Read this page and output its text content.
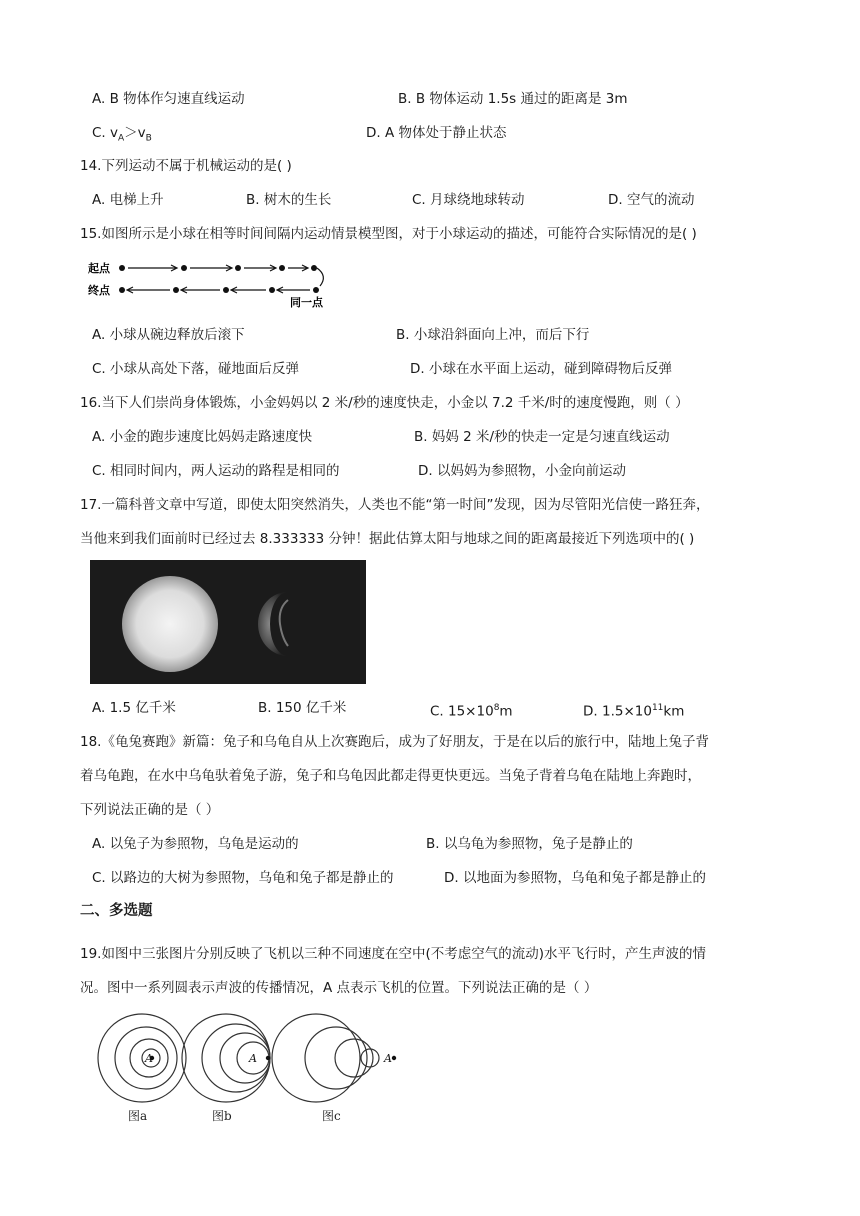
A. B 物体作匀速直线运动	B. B 物体运动 1.5s 通过的距离是 3m
C. $v_A>v_B$	D. A 物体处于静止状态
14.下列运动不属于机械运动的是( )
A. 电梯上升	B. 树木的生长	C. 月球绕地球转动	D. 空气的流动
15.如图所示是小球在相等时间间隔内运动情景模型图，对于小球运动的描述，可能符合实际情况的是( )
起点
终点
同一点
A. 小球从碗边释放后滚下	B. 小球沿斜面向上冲，而后下行
C. 小球从高处下落，碰地面后反弹	D. 小球在水平面上运动，碰到障碍物后反弹
16.当下人们崇尚身体锻炼，小金妈妈以 2 米/秒的速度快走，小金以 7.2 千米/时的速度慢跑，则（ ）
A. 小金的跑步速度比妈妈走路速度快	B. 妈妈 2 米/秒的快走一定是匀速直线运动
C. 相同时间内，两人运动的路程是相同的	D. 以妈妈为参照物，小金向前运动
17.一篇科普文章中写道，即使太阳突然消失，人类也不能“第一时间”发现，因为尽管阳光信使一路狂奔，
当他来到我们面前时已经过去 8.333333 分钟！据此估算太阳与地球之间的距离最接近下列选项中的( )
A. 1.5 亿千米	B. 150 亿千米	C. $15\times 10^8m$	D. $1.5\times 10^{11}km$
18.《龟兔赛跑》新篇：兔子和乌龟自从上次赛跑后，成为了好朋友，于是在以后的旅行中，陆地上兔子背
着乌龟跑，在水中乌龟驮着兔子游，兔子和乌龟因此都走得更快更远。当兔子背着乌龟在陆地上奔跑时，
下列说法正确的是（ ）
A. 以兔子为参照物，乌龟是运动的	B. 以乌龟为参照物，兔子是静止的
C. 以路边的大树为参照物，乌龟和兔子都是静止的	D. 以地面为参照物，乌龟和兔子都是静止的
二、多选题
19.如图中三张图片分别反映了飞机以三种不同速度在空中(不考虑空气的流动)水平飞行时，产生声波的情
况。图中一系列圆表示声波的传播情况，A 点表示飞机的位置。下列说法正确的是（ ）
A	A	A
图a	图b	图c
